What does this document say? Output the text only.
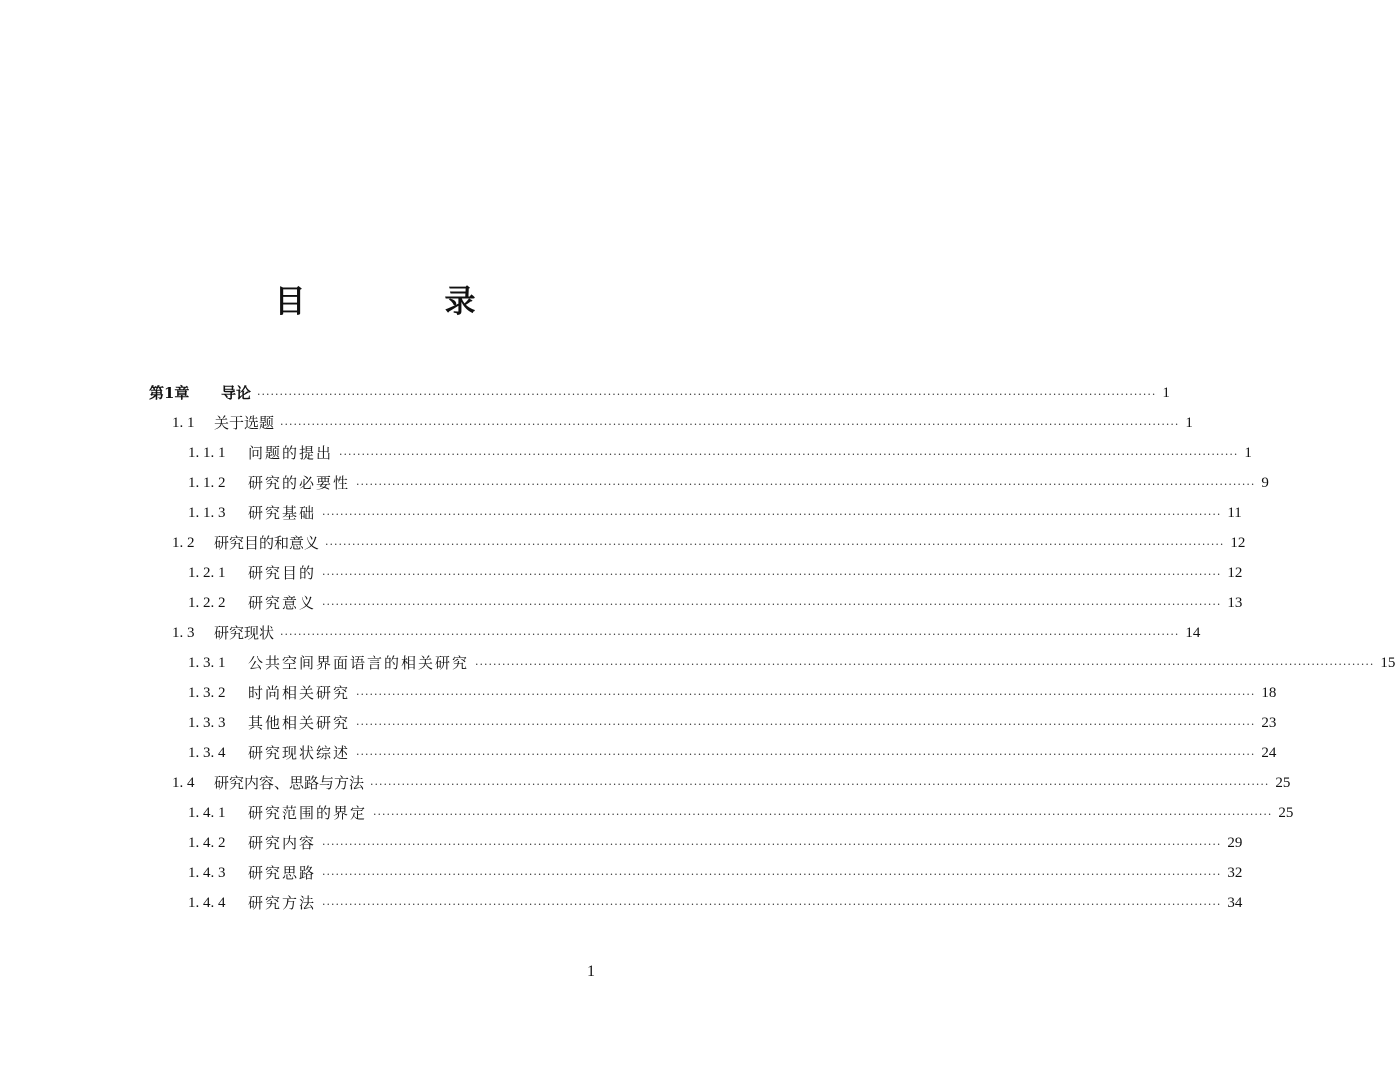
目　录
第1章	导论 ········································································································································································································ 1
1. 1	关于选题 ········································································································································································································ 1
1. 1. 1	问题的提出 ········································································································································································································ 1
1. 1. 2	研究的必要性 ········································································································································································································ 9
1. 1. 3	研究基础 ········································································································································································································ 11
1. 2	研究目的和意义 ········································································································································································································ 12
1. 2. 1	研究目的 ········································································································································································································ 12
1. 2. 2	研究意义 ········································································································································································································ 13
1. 3	研究现状 ········································································································································································································ 14
1. 3. 1	公共空间界面语言的相关研究 ········································································································································································································ 15
1. 3. 2	时尚相关研究 ········································································································································································································ 18
1. 3. 3	其他相关研究 ········································································································································································································ 23
1. 3. 4	研究现状综述 ········································································································································································································ 24
1. 4	研究内容、思路与方法 ········································································································································································································ 25
1. 4. 1	研究范围的界定 ········································································································································································································ 25
1. 4. 2	研究内容 ········································································································································································································ 29
1. 4. 3	研究思路 ········································································································································································································ 32
1. 4. 4	研究方法 ········································································································································································································ 34
1
